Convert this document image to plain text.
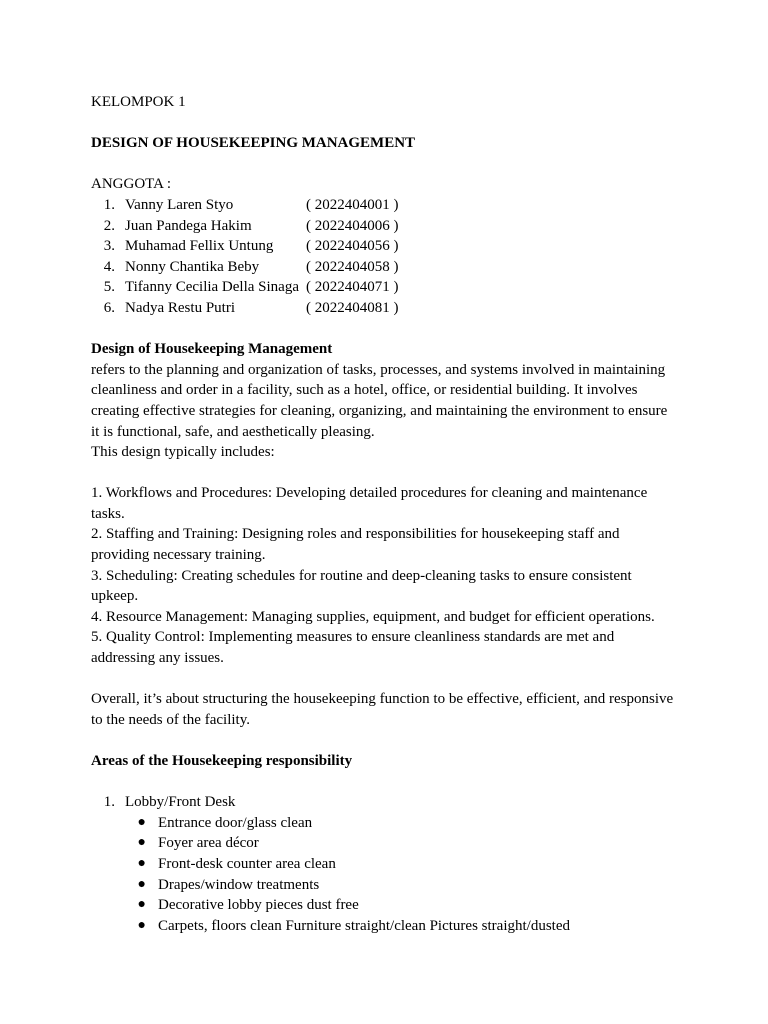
KELOMPOK 1

DESIGN OF HOUSEKEEPING MANAGEMENT

ANGGOTA :

1. Vanny Laren Styo	( 2022404001 )
2. Juan Pandega Hakim	( 2022404006 )
3. Muhamad Fellix Untung	( 2022404056 )
4. Nonny Chantika Beby	( 2022404058 )
5. Tifanny Cecilia Della Sinaga ( 2022404071 )
6. Nadya Restu Putri	( 2022404081 )

Design of Housekeeping Management

refers to the planning and organization of tasks, processes, and systems involved in maintaining

cleanliness and order in a facility, such as a hotel, office, or residential building. It involves

creating effective strategies for cleaning, organizing, and maintaining the environment to ensure

it is functional, safe, and aesthetically pleasing.

This design typically includes:

1. Workflows and Procedures: Developing detailed procedures for cleaning and maintenance

tasks.

2. Staffing and Training: Designing roles and responsibilities for housekeeping staff and

providing necessary training.

3. Scheduling: Creating schedules for routine and deep-cleaning tasks to ensure consistent

upkeep.

4. Resource Management: Managing supplies, equipment, and budget for efficient operations.

5. Quality Control: Implementing measures to ensure cleanliness standards are met and

addressing any issues.

Overall, it’s about structuring the housekeeping function to be effective, efficient, and responsive

to the needs of the facility.

Areas of the Housekeeping responsibility

1. Lobby/Front Desk
● Entrance door/glass clean
● Foyer area décor
● Front-desk counter area clean
● Drapes/window treatments
● Decorative lobby pieces dust free
● Carpets, floors clean Furniture straight/clean Pictures straight/dusted
